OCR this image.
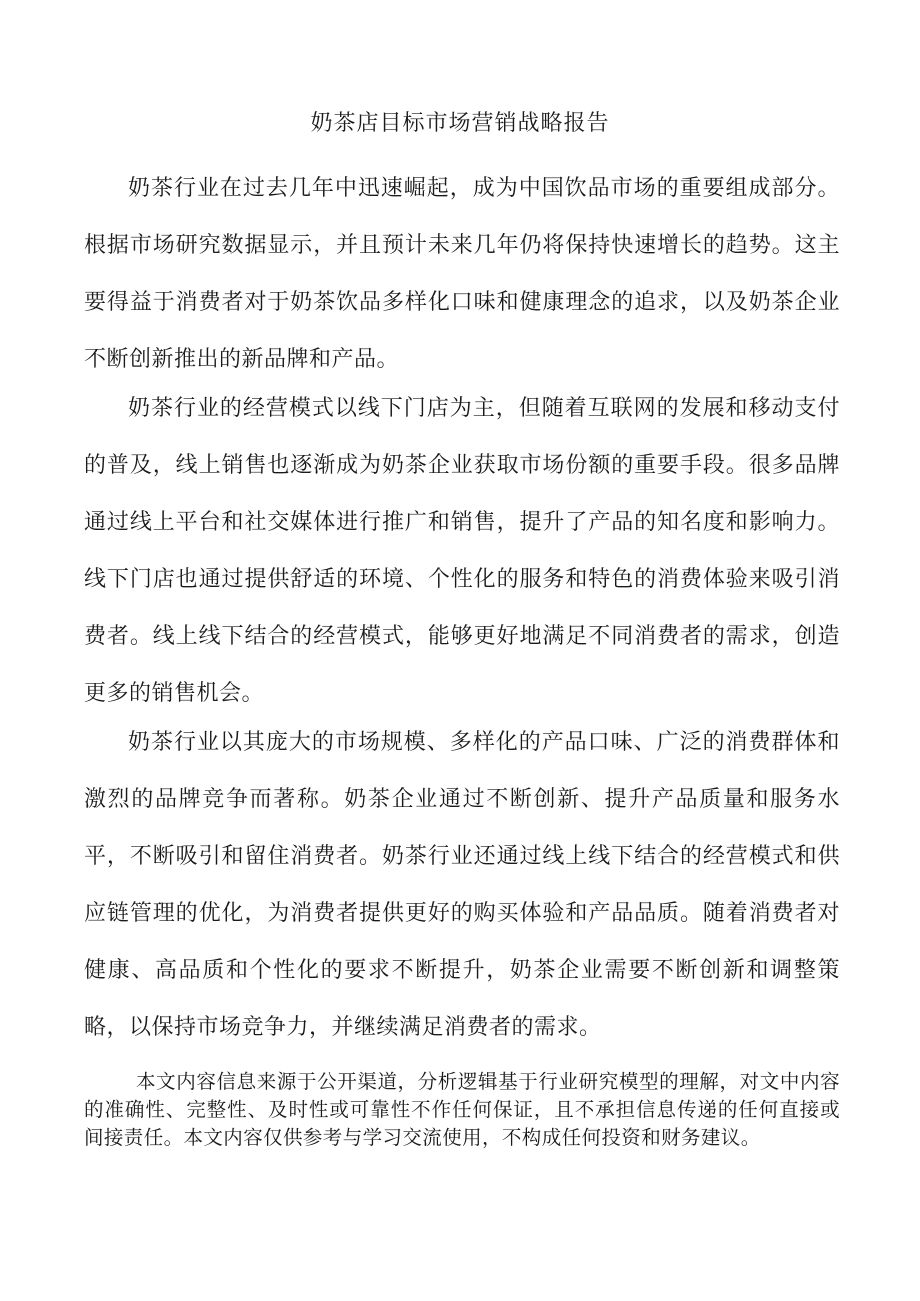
奶茶店目标市场营销战略报告

奶茶行业在过去几年中迅速崛起，成为中国饮品市场的重要组成部分。根据市场研究数据显示，并且预计未来几年仍将保持快速增长的趋势。这主要得益于消费者对于奶茶饮品多样化口味和健康理念的追求，以及奶茶企业不断创新推出的新品牌和产品。

奶茶行业的经营模式以线下门店为主，但随着互联网的发展和移动支付的普及，线上销售也逐渐成为奶茶企业获取市场份额的重要手段。很多品牌通过线上平台和社交媒体进行推广和销售，提升了产品的知名度和影响力。线下门店也通过提供舒适的环境、个性化的服务和特色的消费体验来吸引消费者。线上线下结合的经营模式，能够更好地满足不同消费者的需求，创造更多的销售机会。

奶茶行业以其庞大的市场规模、多样化的产品口味、广泛的消费群体和激烈的品牌竞争而著称。奶茶企业通过不断创新、提升产品质量和服务水平，不断吸引和留住消费者。奶茶行业还通过线上线下结合的经营模式和供应链管理的优化，为消费者提供更好的购买体验和产品品质。随着消费者对健康、高品质和个性化的要求不断提升，奶茶企业需要不断创新和调整策略，以保持市场竞争力，并继续满足消费者的需求。

本文内容信息来源于公开渠道，分析逻辑基于行业研究模型的理解，对文中内容的准确性、完整性、及时性或可靠性不作任何保证，且不承担信息传递的任何直接或间接责任。本文内容仅供参考与学习交流使用，不构成任何投资和财务建议。
